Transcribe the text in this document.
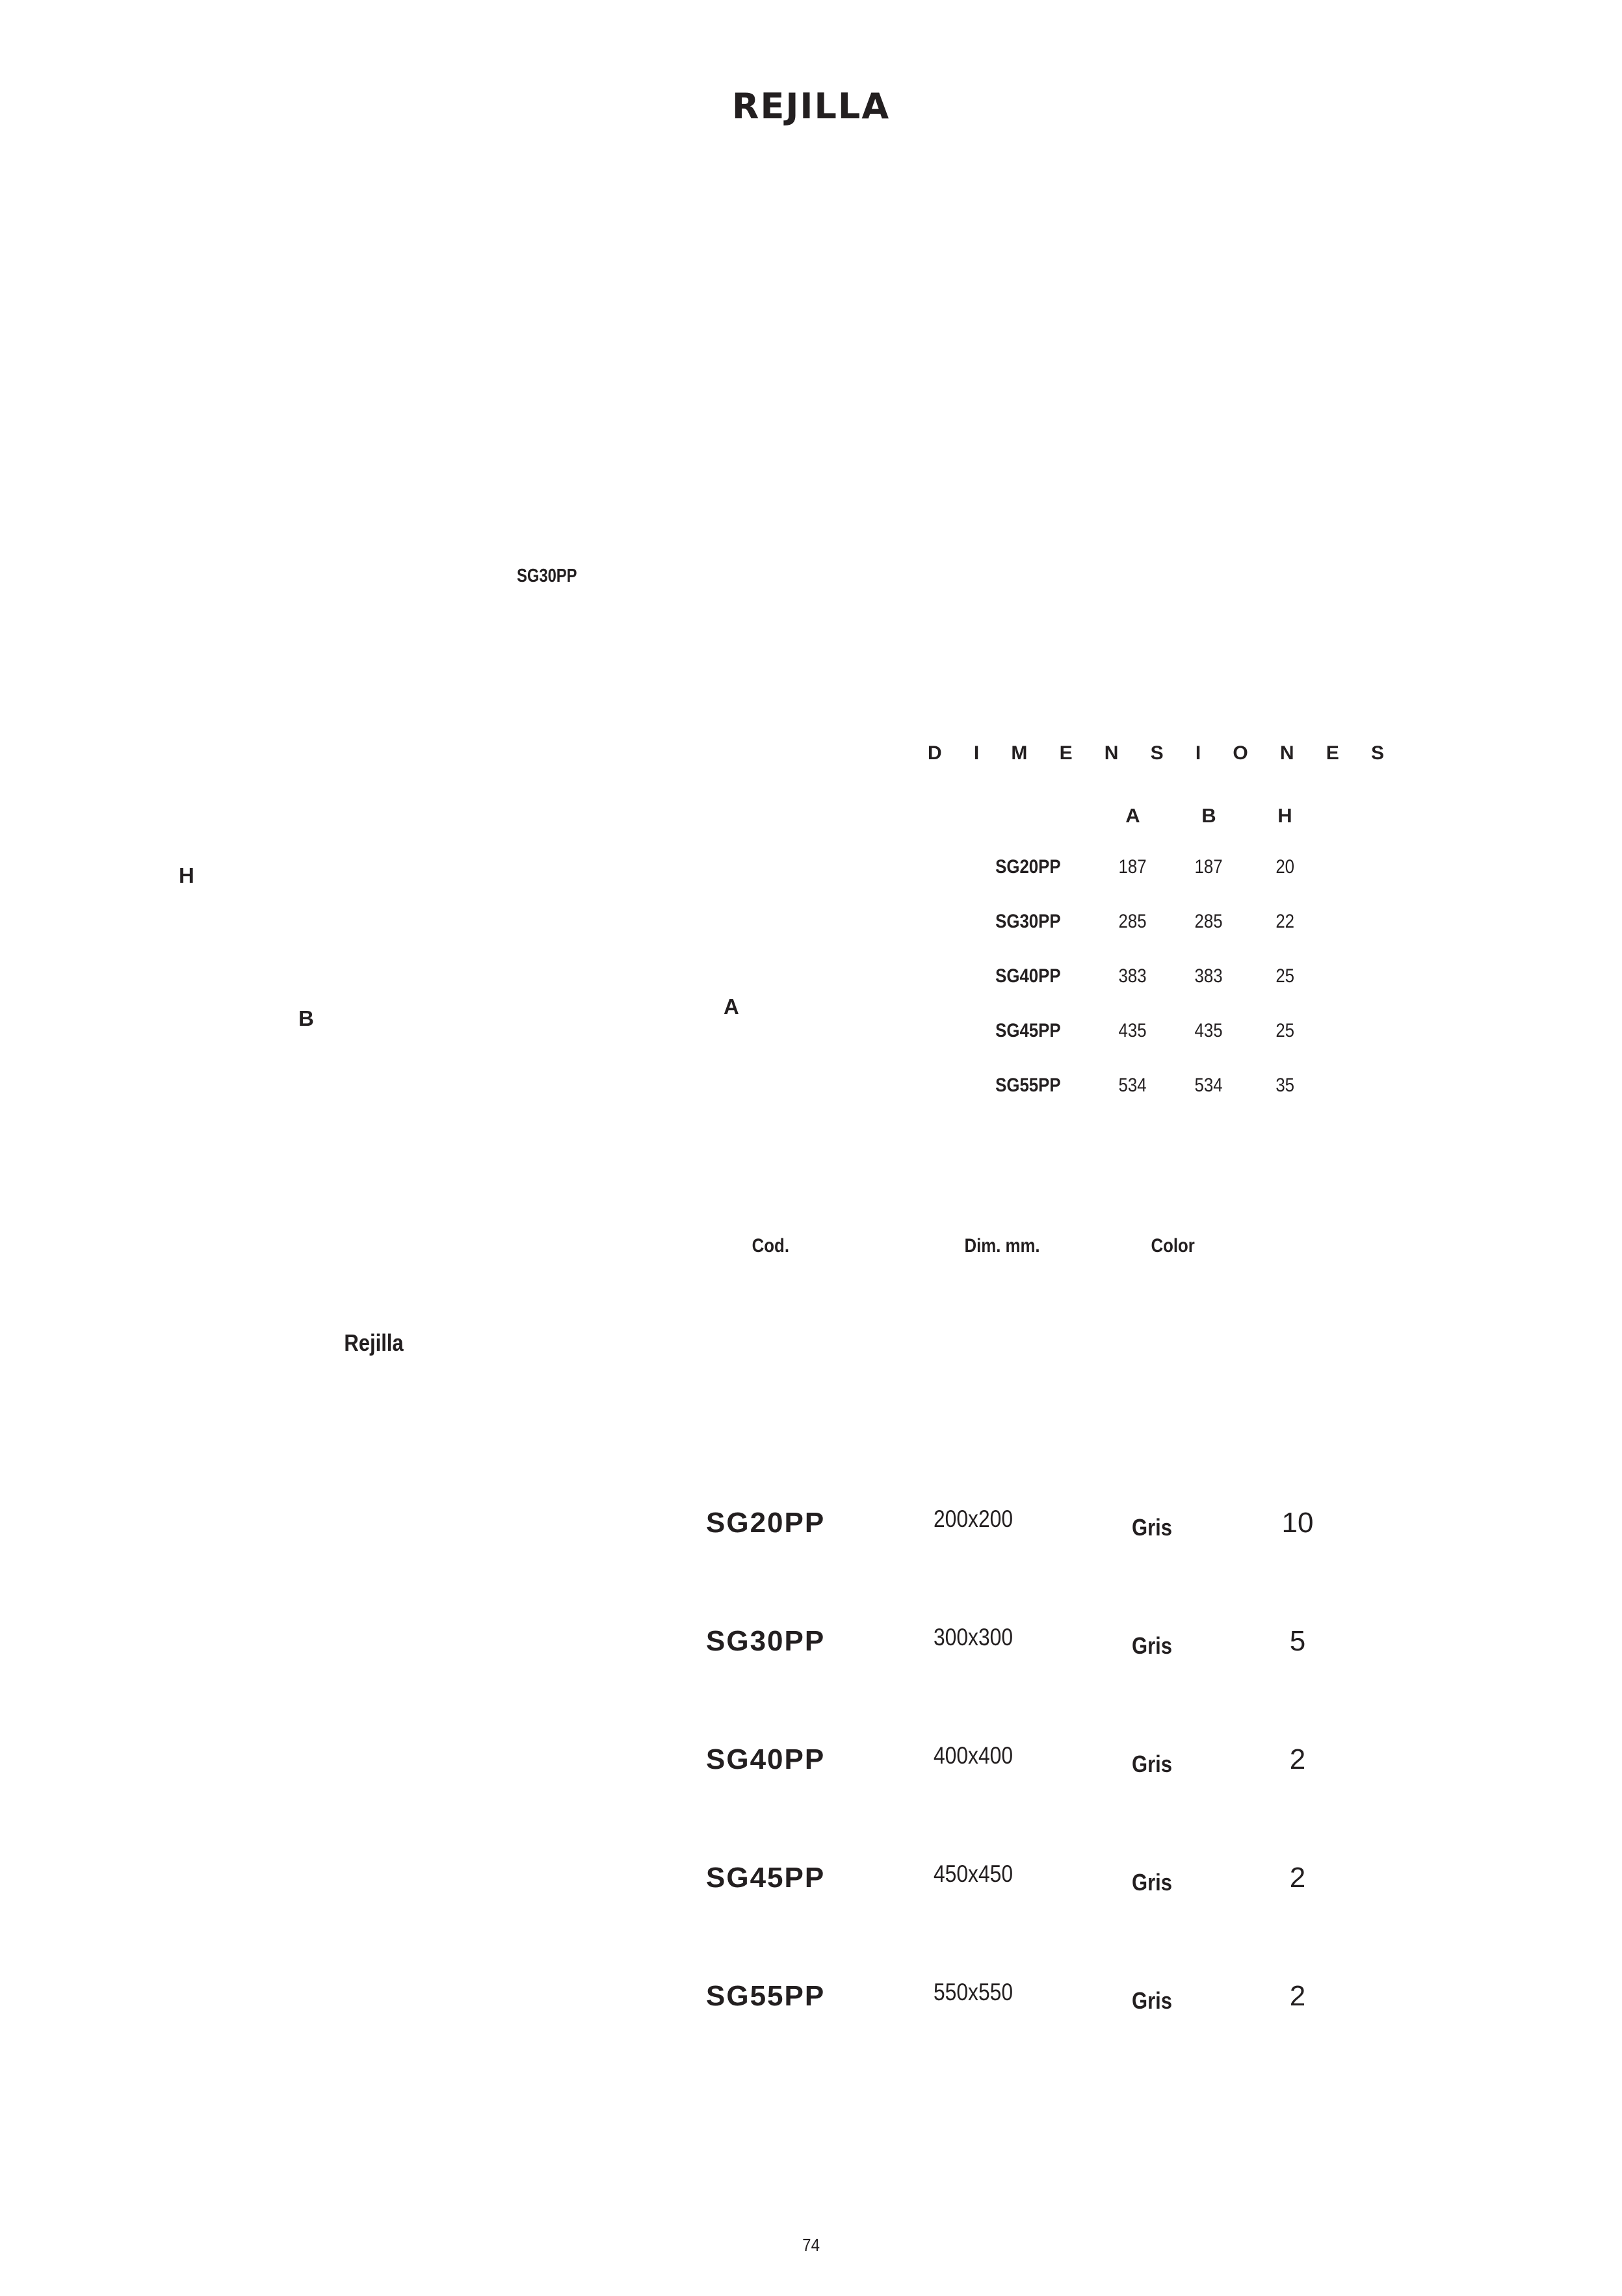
REJILLA
SG30PP
H
B	A
D I M E N S I O N E S
	A	B	H
SG20PP	187	187	20
SG30PP	285	285	22
SG40PP	383	383	25
SG45PP	435	435	25
SG55PP	534	534	35
Cod.	Dim. mm.	Color
Rejilla
SG20PP	200x200	Gris	10
SG30PP	300x300	Gris	5
SG40PP	400x400	Gris	2
SG45PP	450x450	Gris	2
SG55PP	550x550	Gris	2
74
